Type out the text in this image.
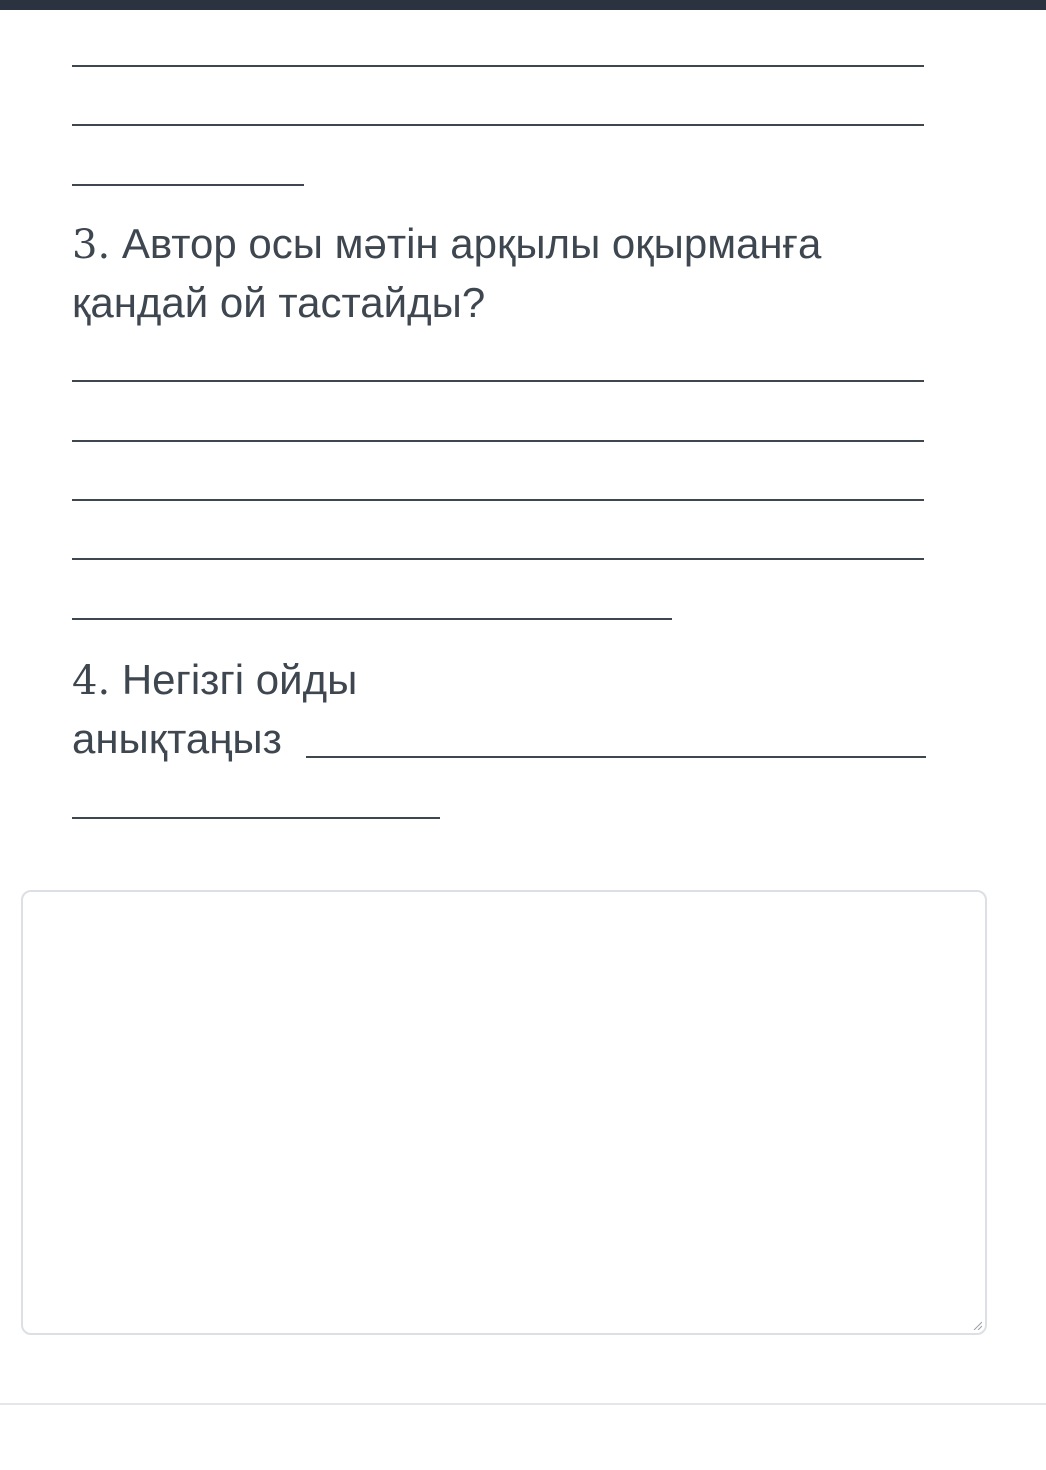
3. Автор осы мәтін арқылы оқырманға
қандай ой тастайды?
4. Негізгі ойды
анықтаңыз
